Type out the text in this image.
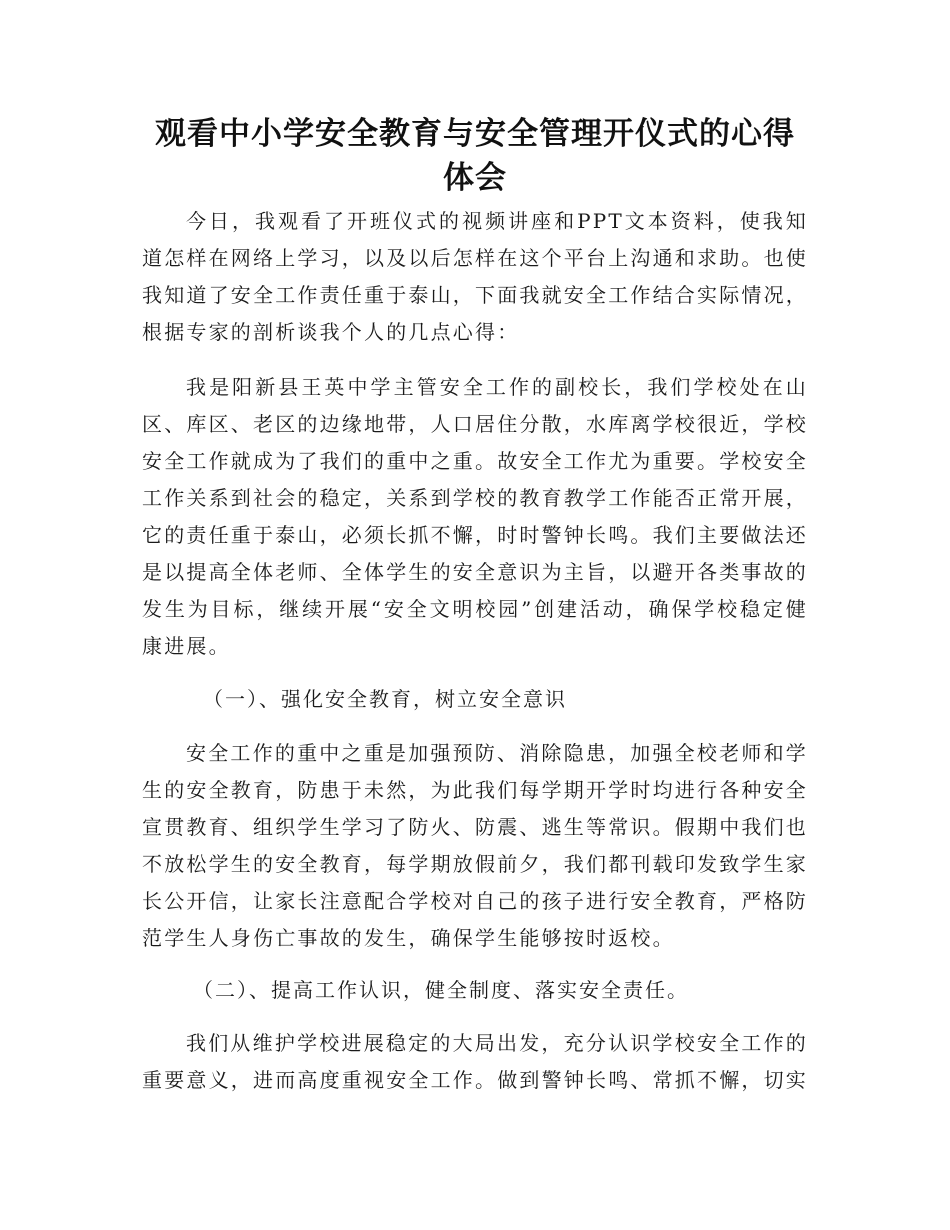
观看中小学安全教育与安全管理开仪式的心得体会

今日，我观看了开班仪式的视频讲座和PPT文本资料，使我知道怎样在网络上学习，以及以后怎样在这个平台上沟通和求助。也使我知道了安全工作责任重于泰山，下面我就安全工作结合实际情况，根据专家的剖析谈我个人的几点心得：

我是阳新县王英中学主管安全工作的副校长，我们学校处在山区、库区、老区的边缘地带，人口居住分散，水库离学校很近，学校安全工作就成为了我们的重中之重。故安全工作尤为重要。学校安全工作关系到社会的稳定，关系到学校的教育教学工作能否正常开展，它的责任重于泰山，必须长抓不懈，时时警钟长鸣。我们主要做法还是以提高全体老师、全体学生的安全意识为主旨，以避开各类事故的发生为目标，继续开展“安全文明校园”创建活动，确保学校稳定健康进展。

（一）、强化安全教育，树立安全意识

安全工作的重中之重是加强预防、消除隐患，加强全校老师和学生的安全教育，防患于未然，为此我们每学期开学时均进行各种安全宣贯教育、组织学生学习了防火、防震、逃生等常识。假期中我们也不放松学生的安全教育，每学期放假前夕，我们都刊载印发致学生家长公开信，让家长注意配合学校对自己的孩子进行安全教育，严格防范学生人身伤亡事故的发生，确保学生能够按时返校。

（二）、提高工作认识，健全制度、落实安全责任。

我们从维护学校进展稳定的大局出发，充分认识学校安全工作的重要意义，进而高度重视安全工作。做到警钟长鸣、常抓不懈，切实
